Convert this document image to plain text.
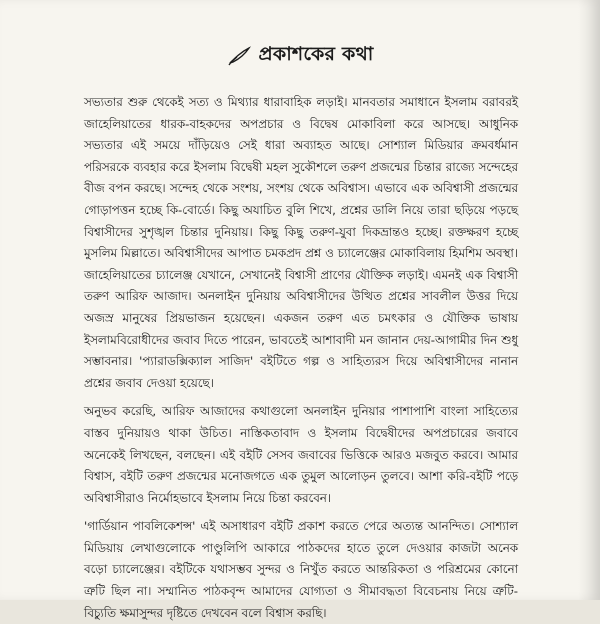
প্রকাশকের কথা

সভ্যতার শুরু থেকেই সত্য ও মিথ্যার ধারাবাহিক লড়াই। মানবতার সমাধানে ইসলাম বরাবরই জাহেলিয়াতের ধারক-বাহকদের অপপ্রচার ও বিদ্বেষ মোকাবিলা করে আসছে। আধুনিক সভ্যতার এই সময়ে দাঁড়িয়েও সেই ধারা অব্যাহত আছে। সোশ্যাল মিডিয়ার ক্রমবর্ধমান পরিসরকে ব্যবহার করে ইসলাম বিদ্বেষী মহল সুকৌশলে তরুণ প্রজন্মের চিন্তার রাজ্যে সন্দেহের বীজ বপন করছে। সন্দেহ থেকে সংশয়, সংশয় থেকে অবিশ্বাস। এভাবে এক অবিশ্বাসী প্রজন্মের গোড়াপত্তন হচ্ছে কি-বোর্ডে। কিছু অযাচিত বুলি শিখে, প্রশ্নের ডালি নিয়ে তারা ছড়িয়ে পড়ছে বিশ্বাসীদের সুশৃঙ্খল চিন্তার দুনিয়ায়। কিছু কিছু তরুণ-যুবা দিকভ্রান্তও হচ্ছে। রক্তক্ষরণ হচ্ছে মুসলিম মিল্লাতে। অবিশ্বাসীদের আপাত চমকপ্রদ প্রশ্ন ও চ্যালেঞ্জের মোকাবিলায় হিমশিম অবস্থা। জাহেলিয়াতের চ্যালেঞ্জ যেখানে, সেখানেই বিশ্বাসী প্রাণের যৌক্তিক লড়াই। এমনই এক বিশ্বাসী তরুণ আরিফ আজাদ। অনলাইন দুনিয়ায় অবিশ্বাসীদের উত্থিত প্রশ্নের সাবলীল উত্তর দিয়ে অজস্র মানুষের প্রিয়ভাজন হয়েছেন। একজন তরুণ এত চমৎকার ও যৌক্তিক ভাষায় ইসলামবিরোধীদের জবাব দিতে পারেন, ভাবতেই আশাবাদী মন জানান দেয়-আগামীর দিন শুধু সম্ভাবনার। 'প্যারাডক্সিক্যাল সাজিদ' বইটিতে গল্প ও সাহিত্যরস দিয়ে অবিশ্বাসীদের নানান প্রশ্নের জবাব দেওয়া হয়েছে।

অনুভব করেছি, আরিফ আজাদের কথাগুলো অনলাইন দুনিয়ার পাশাপাশি বাংলা সাহিত্যের বাস্তব দুনিয়ায়ও থাকা উচিত। নাস্তিকতাবাদ ও ইসলাম বিদ্বেষীদের অপপ্রচারের জবাবে অনেকেই লিখছেন, বলছেন। এই বইটি সেসব জবাবের ভিত্তিকে আরও মজবুত করবে। আমার বিশ্বাস, বইটি তরুণ প্রজন্মের মনোজগতে এক তুমুল আলোড়ন তুলবে। আশা করি-বইটি পড়ে অবিশ্বাসীরাও নির্মোহভাবে ইসলাম নিয়ে চিন্তা করবেন।

'গার্ডিয়ান পাবলিকেশন্স' এই অসাধারণ বইটি প্রকাশ করতে পেরে অত্যন্ত আনন্দিত। সোশ্যাল মিডিয়ায় লেখাগুলোকে পাণ্ডুলিপি আকারে পাঠকদের হাতে তুলে দেওয়ার কাজটা অনেক বড়ো চ্যালেঞ্জের। বইটিকে যথাসম্ভব সুন্দর ও নিখুঁত করতে আন্তরিকতা ও পরিশ্রমের কোনো ত্রুটি ছিল না। সম্মানিত পাঠকবৃন্দ আমাদের যোগ্যতা ও সীমাবদ্ধতা বিবেচনায় নিয়ে ত্রুটি-বিচ্যুতি ক্ষমাসুন্দর দৃষ্টিতে দেখবেন বলে বিশ্বাস করছি।
